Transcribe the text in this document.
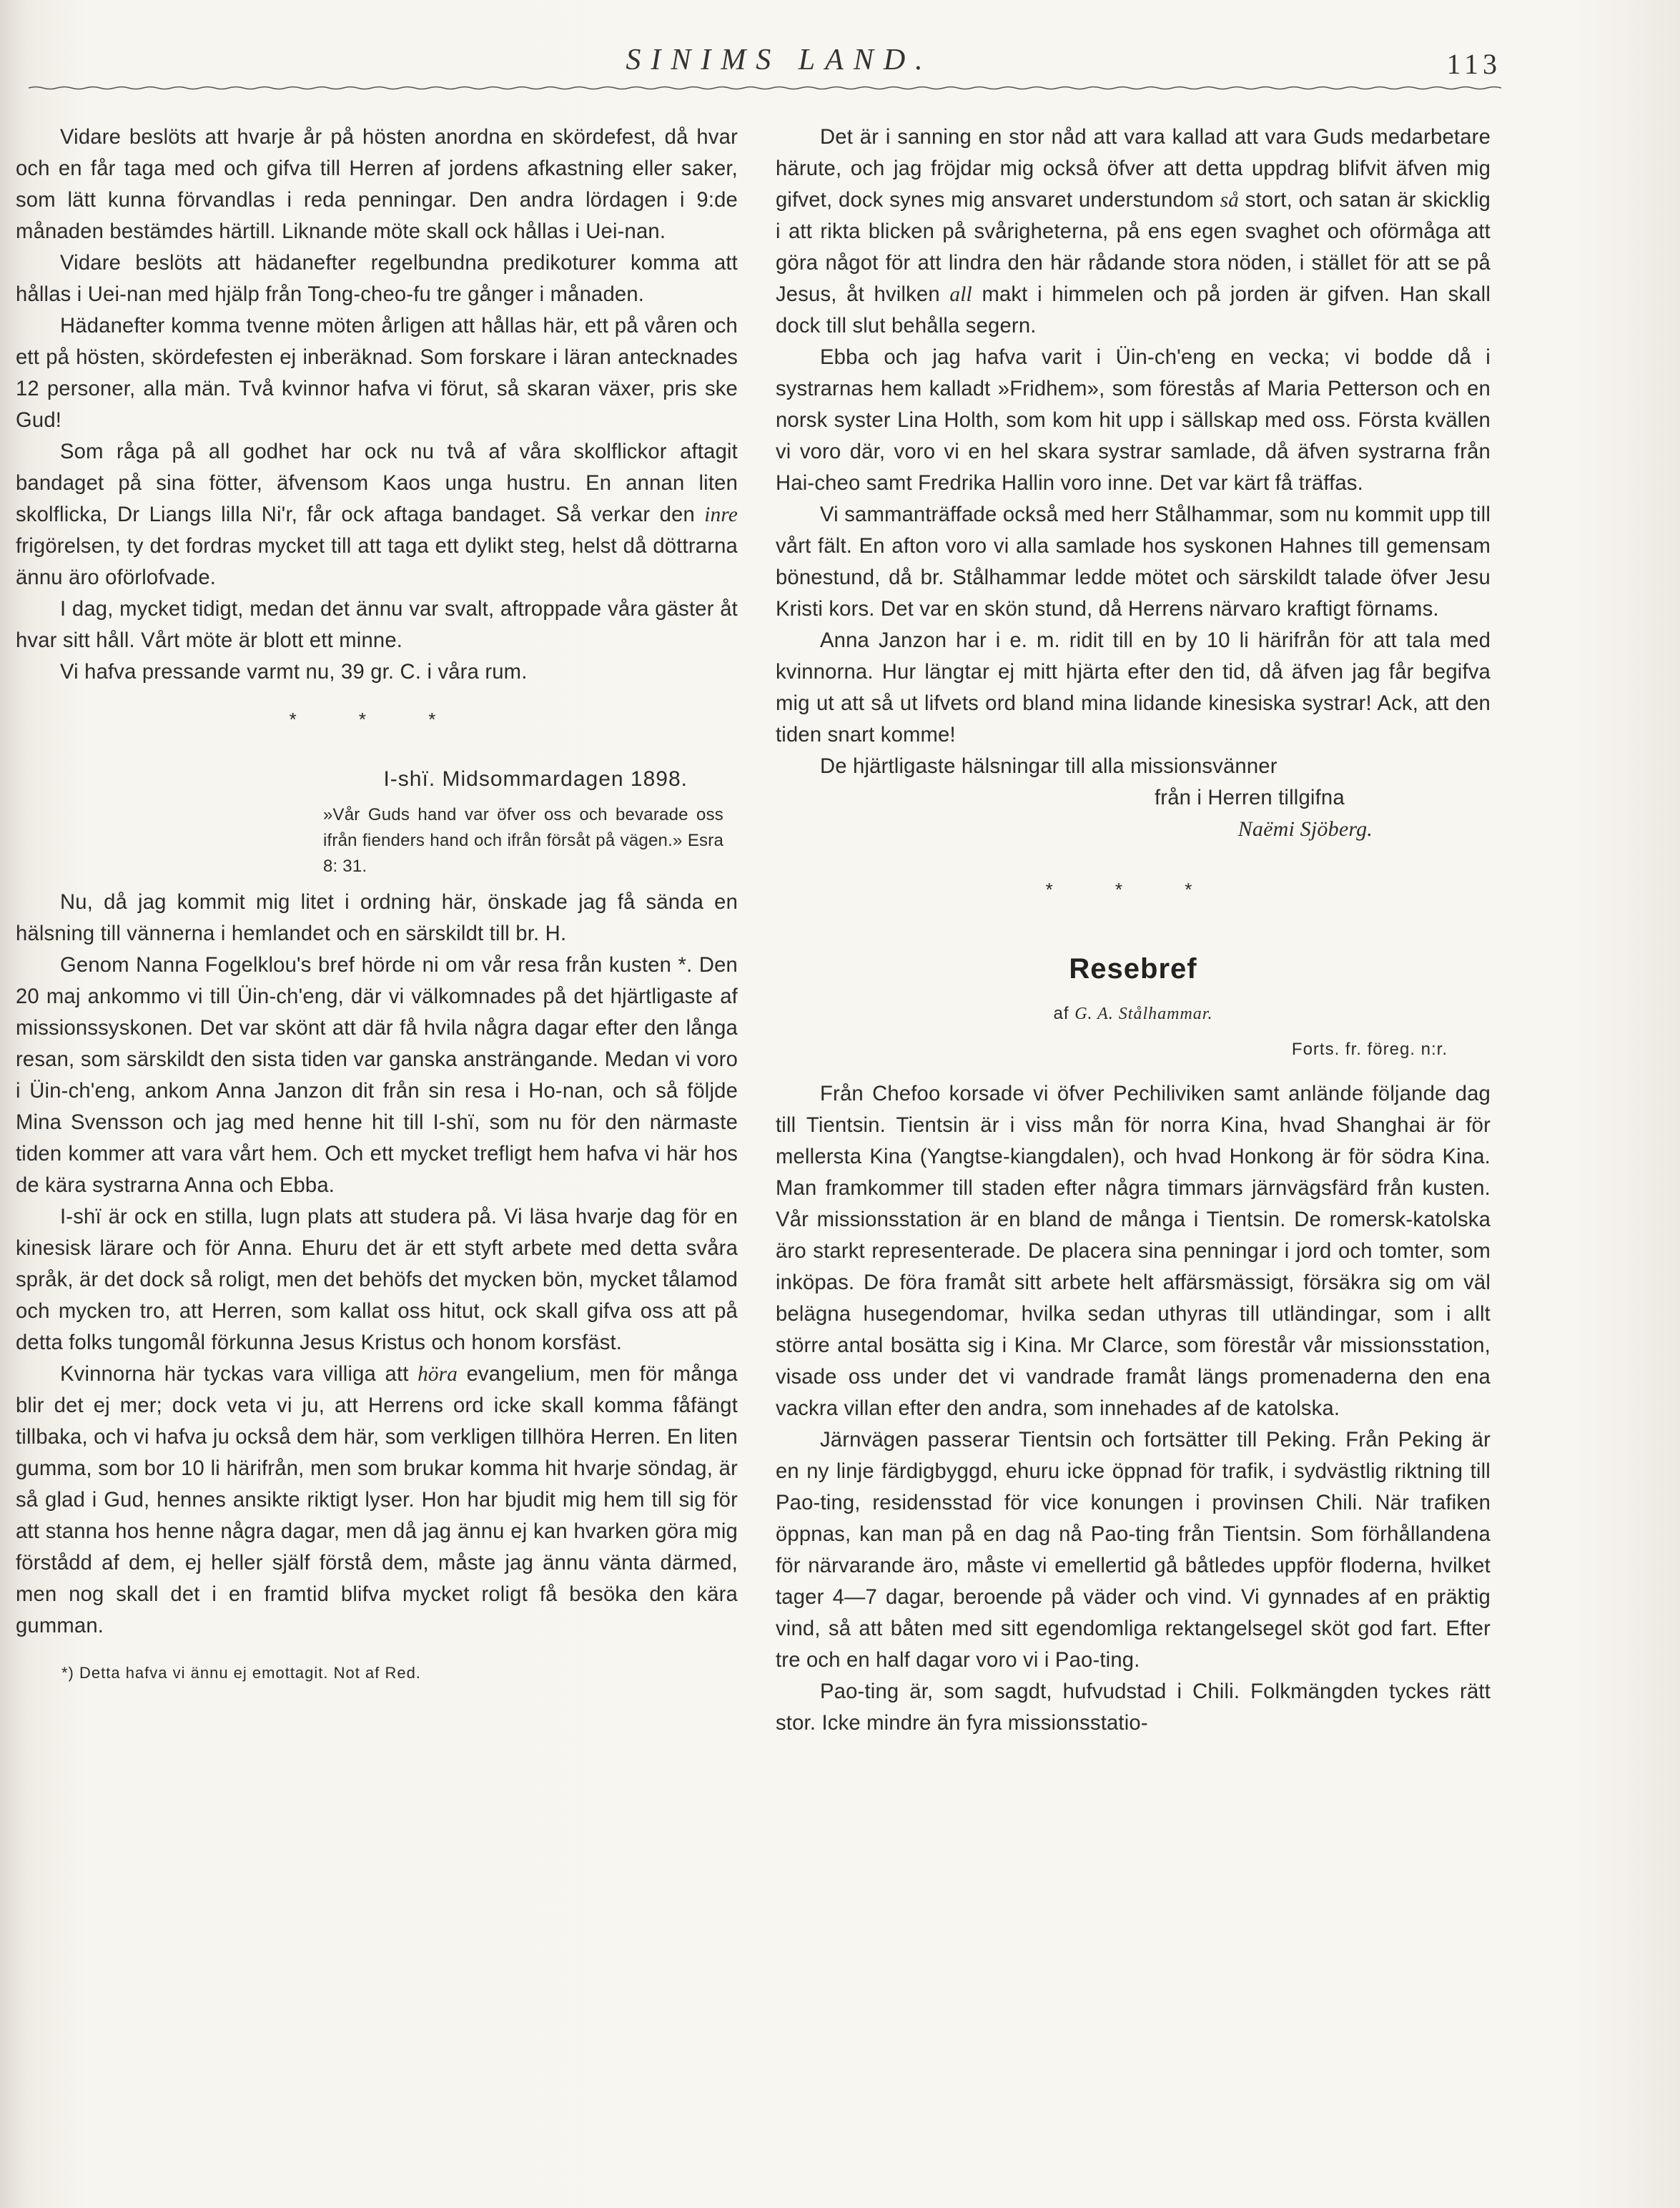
SINIMS LAND.	113

Vidare beslöts att hvarje år på hösten anordna en skördefest, då hvar och en får taga med och gifva till Herren af jordens afkastning eller saker, som lätt kunna förvandlas i reda penningar. Den andra lördagen i 9:de månaden bestämdes härtill. Liknande möte skall ock hållas i Uei-nan.

Vidare beslöts att hädanefter regelbundna predikoturer komma att hållas i Uei-nan med hjälp från Tong-cheo-fu tre gånger i månaden.

Hädanefter komma tvenne möten årligen att hållas här, ett på våren och ett på hösten, skördefesten ej inberäknad. Som forskare i läran antecknades 12 personer, alla män. Två kvinnor hafva vi förut, så skaran växer, pris ske Gud!

Som råga på all godhet har ock nu två af våra skolflickor aftagit bandaget på sina fötter, äfvensom Kaos unga hustru. En annan liten skolflicka, Dr Liangs lilla Ni'r, får ock aftaga bandaget. Så verkar den inre frigörelsen, ty det fordras mycket till att taga ett dylikt steg, helst då döttrarna ännu äro oförlofvade.

I dag, mycket tidigt, medan det ännu var svalt, aftroppade våra gäster åt hvar sitt håll. Vårt möte är blott ett minne.

Vi hafva pressande varmt nu, 39 gr. C. i våra rum.

* * *
I-shï. Midsommardagen 1898.
»Vår Guds hand var öfver oss och bevarade oss ifrån fienders hand och ifrån försåt på vägen.» Esra 8: 31.

Nu, då jag kommit mig litet i ordning här, önskade jag få sända en hälsning till vännerna i hemlandet och en särskildt till br. H.

Genom Nanna Fogelklou's bref hörde ni om vår resa från kusten *. Den 20 maj ankommo vi till Üin-ch'eng, där vi välkomnades på det hjärtligaste af missionssyskonen. Det var skönt att där få hvila några dagar efter den långa resan, som särskildt den sista tiden var ganska ansträngande. Medan vi voro i Üin-ch'eng, ankom Anna Janzon dit från sin resa i Ho-nan, och så följde Mina Svensson och jag med henne hit till I-shï, som nu för den närmaste tiden kommer att vara vårt hem. Och ett mycket trefligt hem hafva vi här hos de kära systrarna Anna och Ebba.

I-shï är ock en stilla, lugn plats att studera på. Vi läsa hvarje dag för en kinesisk lärare och för Anna. Ehuru det är ett styft arbete med detta svåra språk, är det dock så roligt, men det behöfs det mycken bön, mycket tålamod och mycken tro, att Herren, som kallat oss hitut, ock skall gifva oss att på detta folks tungomål förkunna Jesus Kristus och honom korsfäst.

Kvinnorna här tyckas vara villiga att höra evangelium, men för många blir det ej mer; dock veta vi ju, att Herrens ord icke skall komma fåfängt tillbaka, och vi hafva ju också dem här, som verkligen tillhöra Herren. En liten gumma, som bor 10 li härifrån, men som brukar komma hit hvarje söndag, är så glad i Gud, hennes ansikte riktigt lyser. Hon har bjudit mig hem till sig för att stanna hos henne några dagar, men då jag ännu ej kan hvarken göra mig förstådd af dem, ej heller själf förstå dem, måste jag ännu vänta därmed, men nog skall det i en framtid blifva mycket roligt få besöka den kära gumman.

*) Detta hafva vi ännu ej emottagit. Not af Red.

Det är i sanning en stor nåd att vara kallad att vara Guds medarbetare härute, och jag fröjdar mig också öfver att detta uppdrag blifvit äfven mig gifvet, dock synes mig ansvaret understundom så stort, och satan är skicklig i att rikta blicken på svårigheterna, på ens egen svaghet och oförmåga att göra något för att lindra den här rådande stora nöden, i stället för att se på Jesus, åt hvilken all makt i himmelen och på jorden är gifven. Han skall dock till slut behålla segern.

Ebba och jag hafva varit i Üin-ch'eng en vecka; vi bodde då i systrarnas hem kalladt »Fridhem», som förestås af Maria Petterson och en norsk syster Lina Holth, som kom hit upp i sällskap med oss. Första kvällen vi voro där, voro vi en hel skara systrar samlade, då äfven systrarna från Hai-cheo samt Fredrika Hallin voro inne. Det var kärt få träffas.

Vi sammanträffade också med herr Stålhammar, som nu kommit upp till vårt fält. En afton voro vi alla samlade hos syskonen Hahnes till gemensam bönestund, då br. Stålhammar ledde mötet och särskildt talade öfver Jesu Kristi kors. Det var en skön stund, då Herrens närvaro kraftigt förnams.

Anna Janzon har i e. m. ridit till en by 10 li härifrån för att tala med kvinnorna. Hur längtar ej mitt hjärta efter den tid, då äfven jag får begifva mig ut att så ut lifvets ord bland mina lidande kinesiska systrar! Ack, att den tiden snart komme!

De hjärtligaste hälsningar till alla missionsvänner

från i Herren tillgifna

Naëmi Sjöberg.
* * *
Resebref
af G. A. Stålhammar.
Forts. fr. föreg. n:r.

Från Chefoo korsade vi öfver Pechiliviken samt anlände följande dag till Tientsin. Tientsin är i viss mån för norra Kina, hvad Shanghai är för mellersta Kina (Yangtse-kiangdalen), och hvad Honkong är för södra Kina. Man framkommer till staden efter några timmars järnvägsfärd från kusten. Vår missionsstation är en bland de många i Tientsin. De romersk-katolska äro starkt representerade. De placera sina penningar i jord och tomter, som inköpas. De föra framåt sitt arbete helt affärsmässigt, försäkra sig om väl belägna husegendomar, hvilka sedan uthyras till utländingar, som i allt större antal bosätta sig i Kina. Mr Clarce, som förestår vår missionsstation, visade oss under det vi vandrade framåt längs promenaderna den ena vackra villan efter den andra, som innehades af de katolska.

Järnvägen passerar Tientsin och fortsätter till Peking. Från Peking är en ny linje färdigbyggd, ehuru icke öppnad för trafik, i sydvästlig riktning till Pao-ting, residensstad för vice konungen i provinsen Chili. När trafiken öppnas, kan man på en dag nå Pao-ting från Tientsin. Som förhållandena för närvarande äro, måste vi emellertid gå båtledes uppför floderna, hvilket tager 4—7 dagar, beroende på väder och vind. Vi gynnades af en präktig vind, så att båten med sitt egendomliga rektangelsegel sköt god fart. Efter tre och en half dagar voro vi i Pao-ting.

Pao-ting är, som sagdt, hufvudstad i Chili. Folkmängden tyckes rätt stor. Icke mindre än fyra missionsstatio-
